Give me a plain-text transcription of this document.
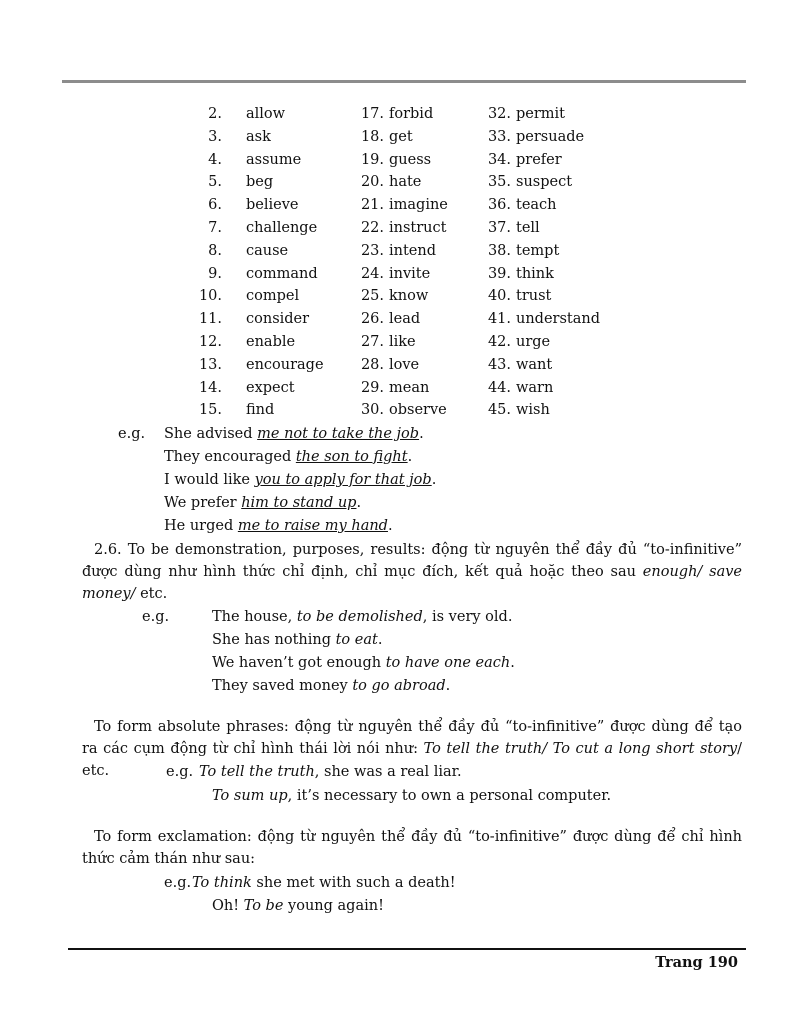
2. allow
3. ask
4. assume
5. beg
6. believe
7. challenge
8. cause
9. command
10. compel
11. consider
12. enable
13. encourage
14. expect
15. find
17. forbid
18. get
19. guess
20. hate
21. imagine
22. instruct
23. intend
24. invite
25. know
26. lead
27. like
28. love
29. mean
30. observe
32. permit
33. persuade
34. prefer
35. suspect
36. teach
37. tell
38. tempt
39. think
40. trust
41. understand
42. urge
43. want
44. warn
45. wish
e.g. She advised me not to take the job.
They encouraged the son to fight.
I would like you to apply for that job.
We prefer him to stand up.
He urged me to raise my hand.

2.6. To be demonstration, purposes, results: động từ nguyên thể đầy đủ “to-infinitive” được dùng như hình thức chỉ định, chỉ mục đích, kết quả hoặc theo sau enough/ save money/ etc.

e.g.	The house, to be demolished, is very old.
She has nothing to eat.
We haven’t got enough to have one each.
They saved money to go abroad.

To form absolute phrases: động từ nguyên thể đầy đủ “to-infinitive” được dùng để tạo ra các cụm động từ chỉ hình thái lời nói như: To tell the truth/ To cut a long short story/ etc.	e.g. To tell the truth, she was a real liar.
To sum up, it’s necessary to own a personal computer.

To form exclamation: động từ nguyên thể đầy đủ “to-infinitive” được dùng để chỉ hình thức cảm thán như sau:

e.g. To think she met with such a death!
Oh! To be young again!
Trang 190
